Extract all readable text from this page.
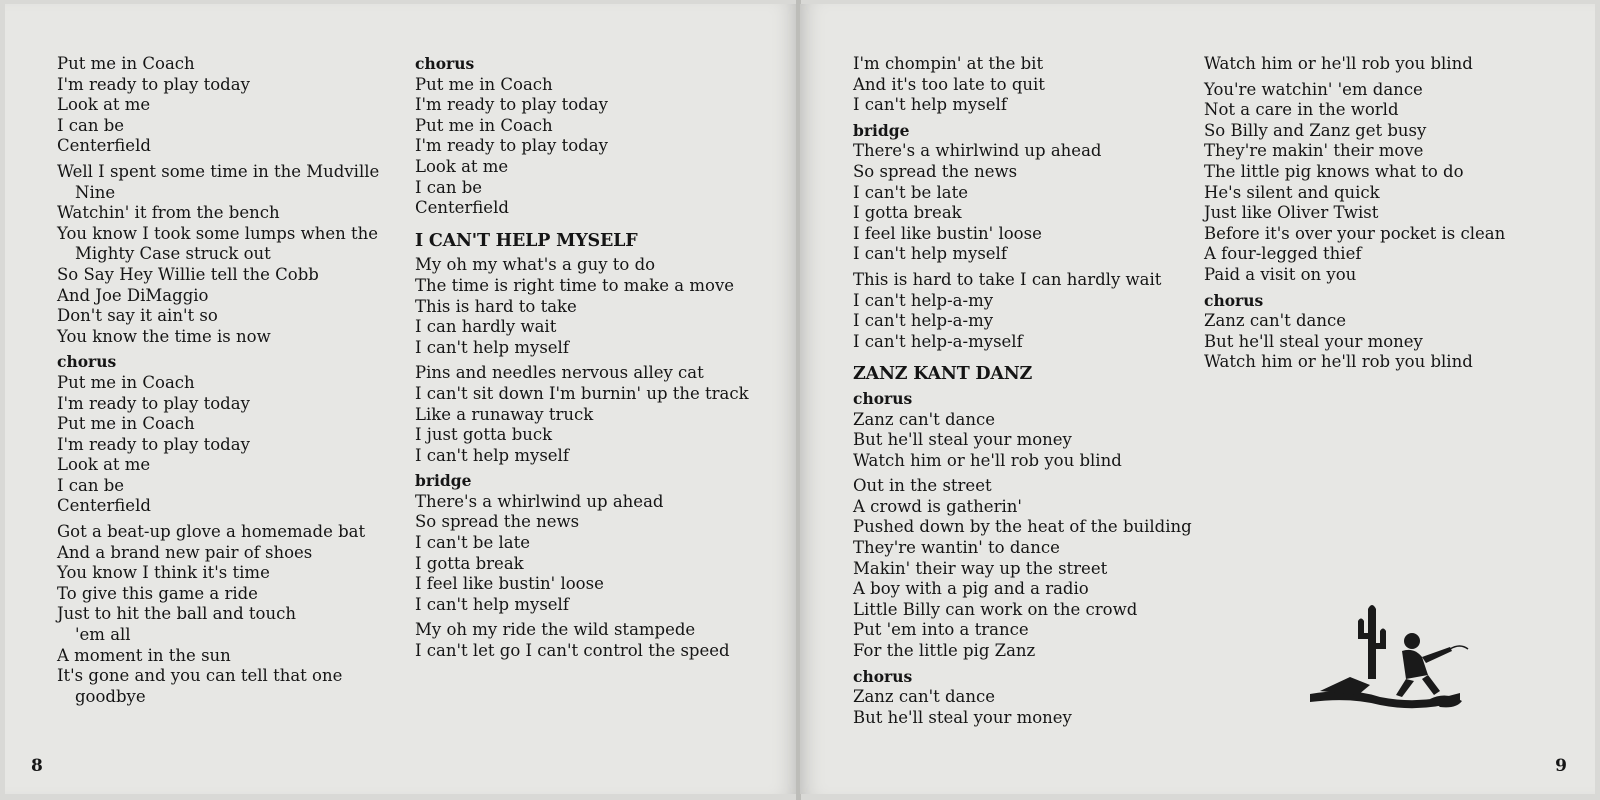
Put me in Coach
I'm ready to play today
Look at me
I can be
Centerfield
Well I spent some time in the Mudville
Nine
Watchin' it from the bench
You know I took some lumps when the
Mighty Case struck out
So Say Hey Willie tell the Cobb
And Joe DiMaggio
Don't say it ain't so
You know the time is now
chorus
Put me in Coach
I'm ready to play today
Put me in Coach
I'm ready to play today
Look at me
I can be
Centerfield
Got a beat-up glove a homemade bat
And a brand new pair of shoes
You know I think it's time
To give this game a ride
Just to hit the ball and touch
'em all
A moment in the sun
It's gone and you can tell that one
goodbye
chorus
Put me in Coach
I'm ready to play today
Put me in Coach
I'm ready to play today
Look at me
I can be
Centerfield
I CAN'T HELP MYSELF
My oh my what's a guy to do
The time is right time to make a move
This is hard to take
I can hardly wait
I can't help myself
Pins and needles nervous alley cat
I can't sit down I'm burnin' up the track
Like a runaway truck
I just gotta buck
I can't help myself
bridge
There's a whirlwind up ahead
So spread the news
I can't be late
I gotta break
I feel like bustin' loose
I can't help myself
My oh my ride the wild stampede
I can't let go I can't control the speed
8
I'm chompin' at the bit
And it's too late to quit
I can't help myself
bridge
There's a whirlwind up ahead
So spread the news
I can't be late
I gotta break
I feel like bustin' loose
I can't help myself
This is hard to take I can hardly wait
I can't help-a-my
I can't help-a-my
I can't help-a-myself
ZANZ KANT DANZ
chorus
Zanz can't dance
But he'll steal your money
Watch him or he'll rob you blind
Out in the street
A crowd is gatherin'
Pushed down by the heat of the building
They're wantin' to dance
Makin' their way up the street
A boy with a pig and a radio
Little Billy can work on the crowd
Put 'em into a trance
For the little pig Zanz
chorus
Zanz can't dance
But he'll steal your money
Watch him or he'll rob you blind
You're watchin' 'em dance
Not a care in the world
So Billy and Zanz get busy
They're makin' their move
The little pig knows what to do
He's silent and quick
Just like Oliver Twist
Before it's over your pocket is clean
A four-legged thief
Paid a visit on you
chorus
Zanz can't dance
But he'll steal your money
Watch him or he'll rob you blind
9
